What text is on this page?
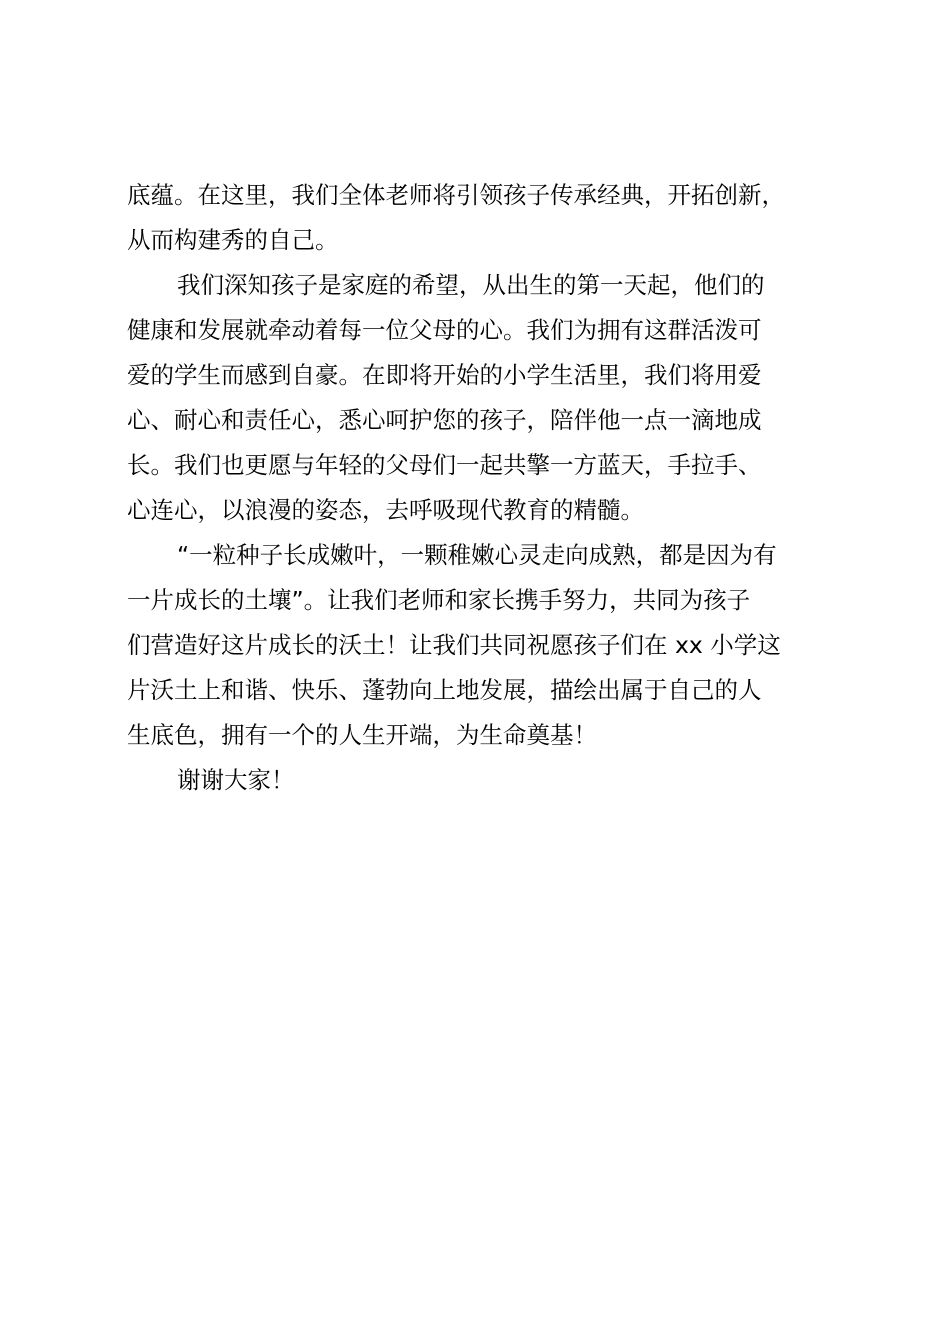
底蕴。在这里，我们全体老师将引领孩子传承经典，开拓创新，
从而构建秀的自己。
我们深知孩子是家庭的希望，从出生的第一天起，他们的
健康和发展就牵动着每一位父母的心。我们为拥有这群活泼可
爱的学生而感到自豪。在即将开始的小学生活里，我们将用爱
心、耐心和责任心，悉心呵护您的孩子，陪伴他一点一滴地成
长。我们也更愿与年轻的父母们一起共擎一方蓝天，手拉手、
心连心，以浪漫的姿态，去呼吸现代教育的精髓。
“一粒种子长成嫩叶，一颗稚嫩心灵走向成熟，都是因为有
一片成长的土壤”。让我们老师和家长携手努力，共同为孩子
们营造好这片成长的沃土！让我们共同祝愿孩子们在 xx 小学这
片沃土上和谐、快乐、蓬勃向上地发展，描绘出属于自己的人
生底色，拥有一个的人生开端，为生命奠基！
谢谢大家！
